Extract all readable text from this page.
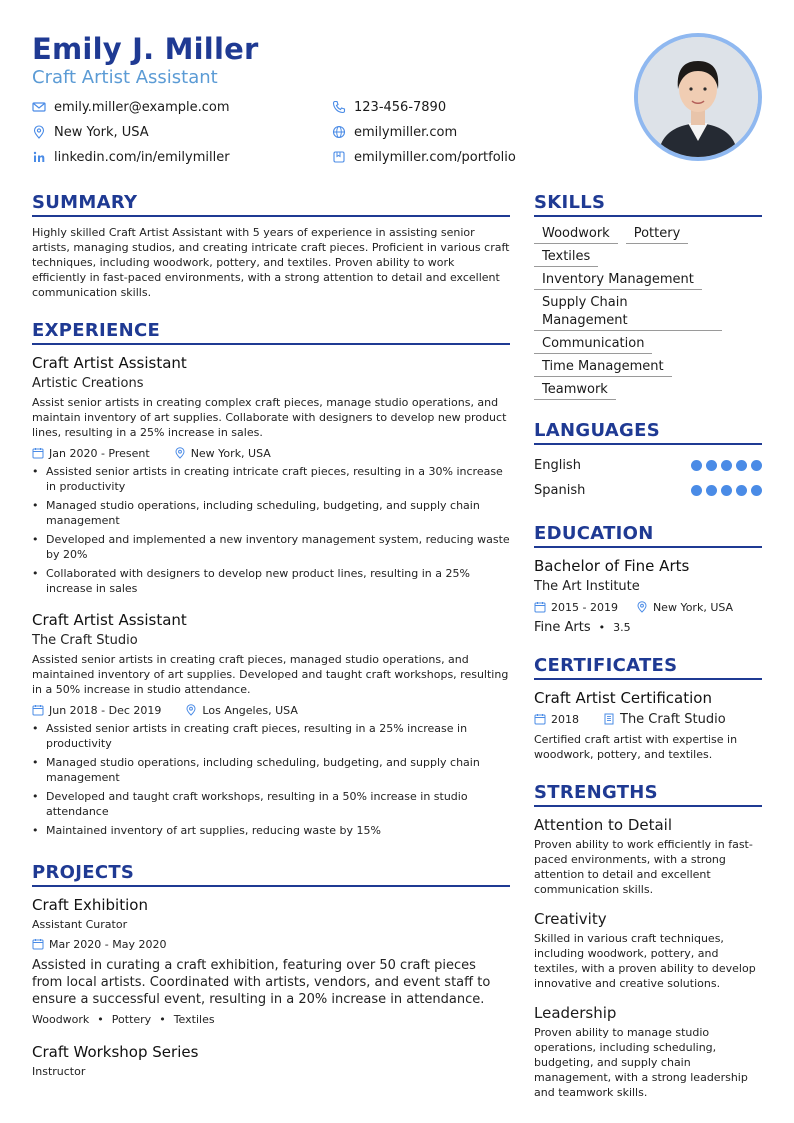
Emily J. Miller
Craft Artist Assistant
emily.miller@example.com	123-456-7890
New York, USA	emilymiller.com
linkedin.com/in/emilymiller	emilymiller.com/portfolio
SUMMARY
Highly skilled Craft Artist Assistant with 5 years of experience in assisting senior artists, managing studios, and creating intricate craft pieces. Proficient in various craft techniques, including woodwork, pottery, and textiles. Proven ability to work efficiently in fast-paced environments, with a strong attention to detail and excellent communication skills.
EXPERIENCE
Craft Artist Assistant
Artistic Creations
Assist senior artists in creating complex craft pieces, manage studio operations, and maintain inventory of art supplies. Collaborate with designers to develop new product lines, resulting in a 25% increase in sales.
Jan 2020 - Present	New York, USA
• Assisted senior artists in creating intricate craft pieces, resulting in a 30% increase in productivity
• Managed studio operations, including scheduling, budgeting, and supply chain management
• Developed and implemented a new inventory management system, reducing waste by 20%
• Collaborated with designers to develop new product lines, resulting in a 25% increase in sales
Craft Artist Assistant
The Craft Studio
Assisted senior artists in creating craft pieces, managed studio operations, and maintained inventory of art supplies. Developed and taught craft workshops, resulting in a 50% increase in studio attendance.
Jun 2018 - Dec 2019	Los Angeles, USA
• Assisted senior artists in creating craft pieces, resulting in a 25% increase in productivity
• Managed studio operations, including scheduling, budgeting, and supply chain management
• Developed and taught craft workshops, resulting in a 50% increase in studio attendance
• Maintained inventory of art supplies, reducing waste by 15%
PROJECTS
Craft Exhibition
Assistant Curator
Mar 2020 - May 2020
Assisted in curating a craft exhibition, featuring over 50 craft pieces from local artists. Coordinated with artists, vendors, and event staff to ensure a successful event, resulting in a 20% increase in attendance.
Woodwork • Pottery • Textiles
Craft Workshop Series
Instructor
SKILLS
Woodwork	Pottery
Textiles
Inventory Management
Supply Chain Management
Communication
Time Management
Teamwork
LANGUAGES
English
Spanish
EDUCATION
Bachelor of Fine Arts
The Art Institute
2015 - 2019	New York, USA
Fine Arts • 3.5
CERTIFICATES
Craft Artist Certification
2018	The Craft Studio
Certified craft artist with expertise in woodwork, pottery, and textiles.
STRENGTHS
Attention to Detail
Proven ability to work efficiently in fast-paced environments, with a strong attention to detail and excellent communication skills.
Creativity
Skilled in various craft techniques, including woodwork, pottery, and textiles, with a proven ability to develop innovative and creative solutions.
Leadership
Proven ability to manage studio operations, including scheduling, budgeting, and supply chain management, with a strong leadership and teamwork skills.
